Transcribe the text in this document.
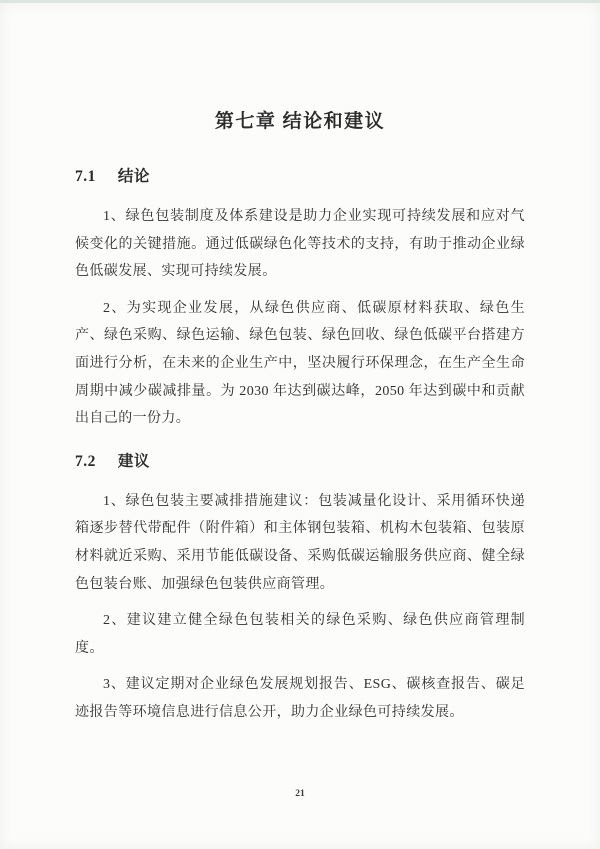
第七章 结论和建议
7.1 结论

1、绿色包装制度及体系建设是助力企业实现可持续发展和应对气候变化的关键措施。通过低碳绿色化等技术的支持，有助于推动企业绿色低碳发展、实现可持续发展。

2、为实现企业发展，从绿色供应商、低碳原材料获取、绿色生产、绿色采购、绿色运输、绿色包装、绿色回收、绿色低碳平台搭建方面进行分析，在未来的企业生产中，坚决履行环保理念，在生产全生命周期中减少碳减排量。为 2030 年达到碳达峰，2050 年达到碳中和贡献出自己的一份力。

7.2 建议

1、绿色包装主要减排措施建议：包装减量化设计、采用循环快递箱逐步替代带配件（附件箱）和主体钢包装箱、机构木包装箱、包装原材料就近采购、采用节能低碳设备、采购低碳运输服务供应商、健全绿色包装台账、加强绿色包装供应商管理。

2、建议建立健全绿色包装相关的绿色采购、绿色供应商管理制度。

3、建议定期对企业绿色发展规划报告、ESG、碳核查报告、碳足迹报告等环境信息进行信息公开，助力企业绿色可持续发展。

21
